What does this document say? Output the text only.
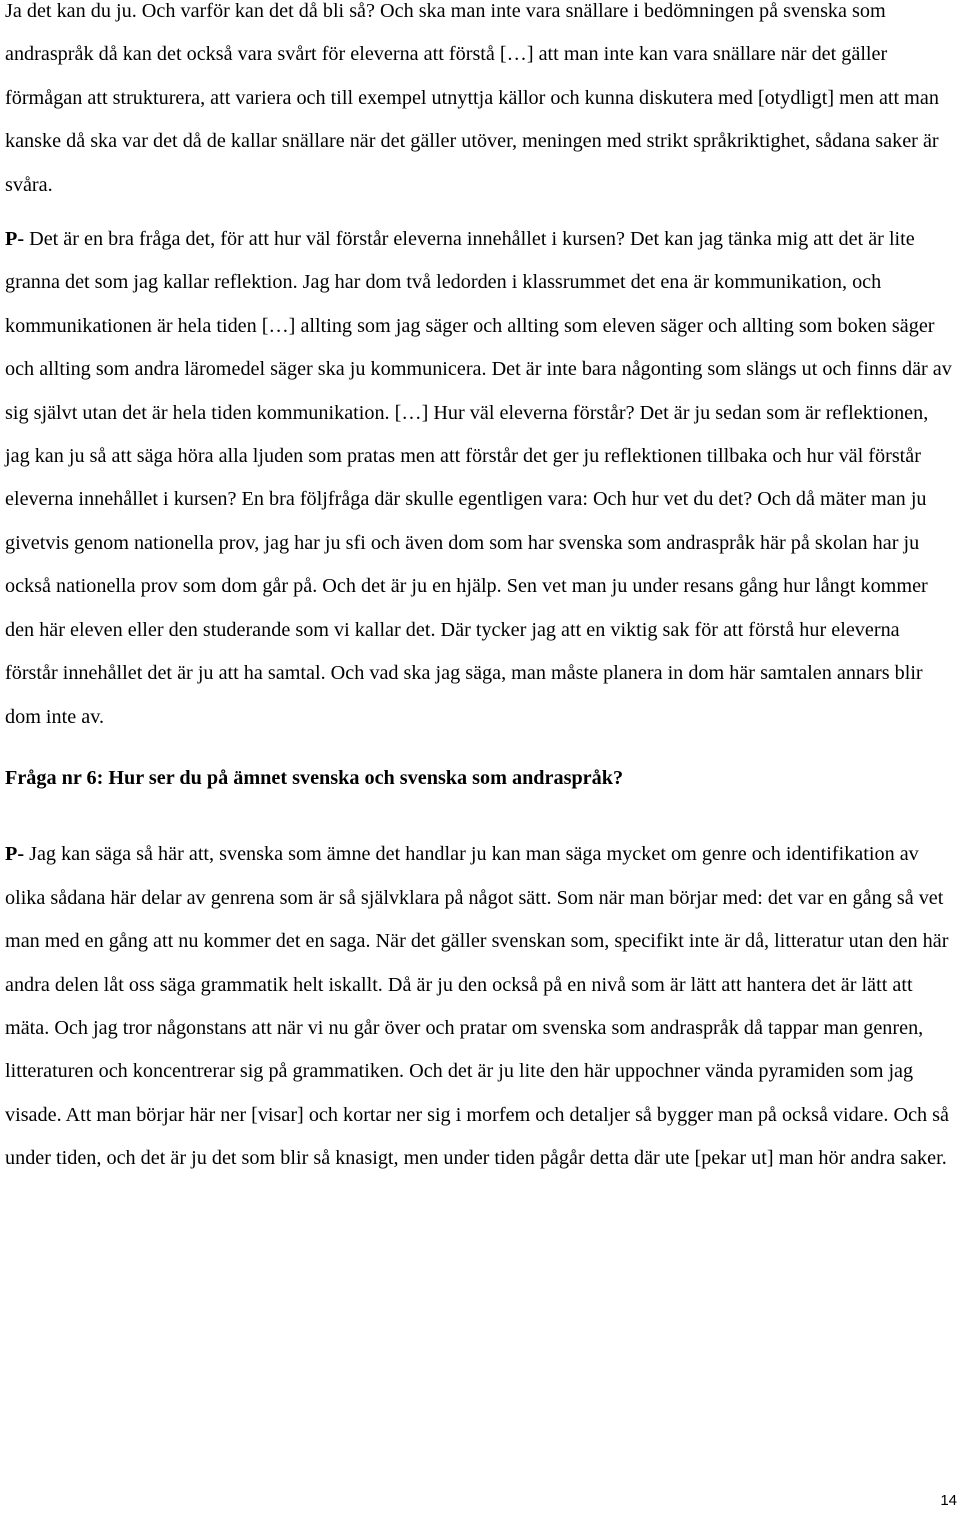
Ja det kan du ju. Och varför kan det då bli så? Och ska man inte vara snällare i bedömningen på svenska som andraspråk då kan det också vara svårt för eleverna att förstå […] att man inte kan vara snällare när det gäller förmågan att strukturera, att variera och till exempel utnyttja källor och kunna diskutera med [otydligt] men att man kanske då ska var det då de kallar snällare när det gäller utöver, meningen med strikt språkriktighet, sådana saker är svåra.

P- Det är en bra fråga det, för att hur väl förstår eleverna innehållet i kursen? Det kan jag tänka mig att det är lite granna det som jag kallar reflektion. Jag har dom två ledorden i klassrummet det ena är kommunikation, och kommunikationen är hela tiden […] allting som jag säger och allting som eleven säger och allting som boken säger och allting som andra läromedel säger ska ju kommunicera. Det är inte bara någonting som slängs ut och finns där av sig självt utan det är hela tiden kommunikation. […] Hur väl eleverna förstår? Det är ju sedan som är reflektionen, jag kan ju så att säga höra alla ljuden som pratas men att förstår det ger ju reflektionen tillbaka och hur väl förstår eleverna innehållet i kursen? En bra följfråga där skulle egentligen vara: Och hur vet du det? Och då mäter man ju givetvis genom nationella prov, jag har ju sfi och även dom som har svenska som andraspråk här på skolan har ju också nationella prov som dom går på. Och det är ju en hjälp. Sen vet man ju under resans gång hur långt kommer den här eleven eller den studerande som vi kallar det. Där tycker jag att en viktig sak för att förstå hur eleverna förstår innehållet det är ju att ha samtal. Och vad ska jag säga, man måste planera in dom här samtalen annars blir dom inte av.

Fråga nr 6: Hur ser du på ämnet svenska och svenska som andraspråk?

P- Jag kan säga så här att, svenska som ämne det handlar ju kan man säga mycket om genre och identifikation av olika sådana här delar av genrena som är så självklara på något sätt. Som när man börjar med: det var en gång så vet man med en gång att nu kommer det en saga. När det gäller svenskan som, specifikt inte är då, litteratur utan den här andra delen låt oss säga grammatik helt iskallt. Då är ju den också på en nivå som är lätt att hantera det är lätt att mäta. Och jag tror någonstans att när vi nu går över och pratar om svenska som andraspråk då tappar man genren, litteraturen och koncentrerar sig på grammatiken. Och det är ju lite den här uppochner vända pyramiden som jag visade. Att man börjar här ner [visar] och kortar ner sig i morfem och detaljer så bygger man på också vidare. Och så under tiden, och det är ju det som blir så knasigt, men under tiden pågår detta där ute [pekar ut] man hör andra saker.

14
